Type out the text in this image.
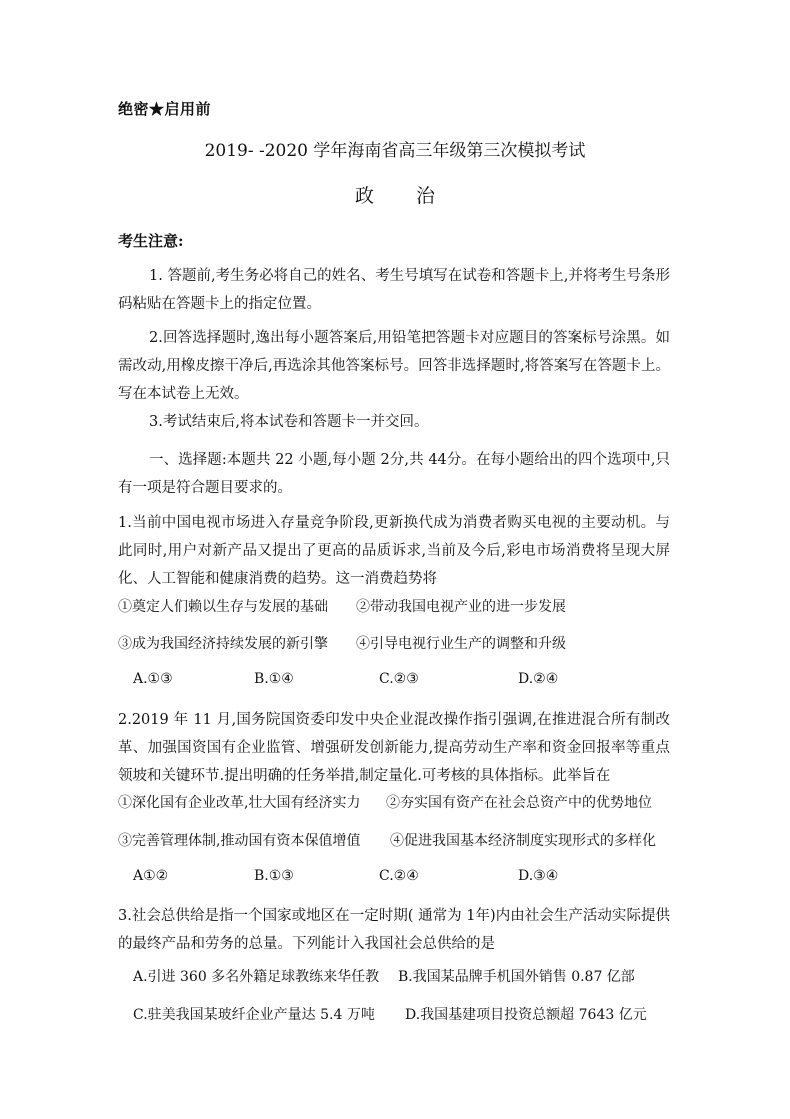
绝密★启用前
2019- -2020 学年海南省高三年级第三次模拟考试
政 治
考生注意:
1. 答题前,考生务必将自己的姓名、考生号填写在试卷和答题卡上,并将考生号条形码粘贴在答题卡上的指定位置。
2.回答选择题时,逸出每小题答案后,用铅笔把答题卡对应题目的答案标号涂黑。如需改动,用橡皮擦干净后,再选涂其他答案标号。回答非选择题时,将答案写在答题卡上。写在本试卷上无效。
3.考试结束后,将本试卷和答题卡一并交回。
一、选择题:本题共 22 小题,每小题 2分,共 44分。在每小题给出的四个选项中,只有一项是符合题目要求的。
1.当前中国电视市场进入存量竞争阶段,更新换代成为消费者购买电视的主要动机。与此同时,用户对新产品又提出了更高的品质诉求,当前及今后,彩电市场消费将呈现大屏化、人工智能和健康消费的趋势。这一消费趋势将
①奠定人们赖以生存与发展的基础 ②带动我国电视产业的进一步发展
③成为我国经济持续发展的新引擎 ④引导电视行业生产的调整和升级
A.①③	B.①④	C.②③	D.②④
2.2019 年 11 月,国务院国资委印发中央企业混改操作指引强调,在推进混合所有制改革、加强国资国有企业监管、增强研发创新能力,提高劳动生产率和资金回报率等重点领坡和关键环节.提出明确的任务举措,制定量化.可考核的具体指标。此举旨在
①深化国有企业改革,壮大国有经济实力 ②夯实国有资产在社会总资产中的优势地位
③完善管理体制,推动国有资本保值增值 ④促进我国基本经济制度实现形式的多样化
A①②	B.①③	C.②④	D.③④
3.社会总供给是指一个国家或地区在一定时期( 通常为 1年)内由社会生产活动实际提供的最终产品和劳务的总量。下列能计入我国社会总供给的是
A.引进 360 多名外籍足球教练来华任教 B.我国某品牌手机国外销售 0.87 亿部
C.驻美我国某玻纤企业产量达 5.4 万吨 D.我国基建项目投资总额超 7643 亿元
